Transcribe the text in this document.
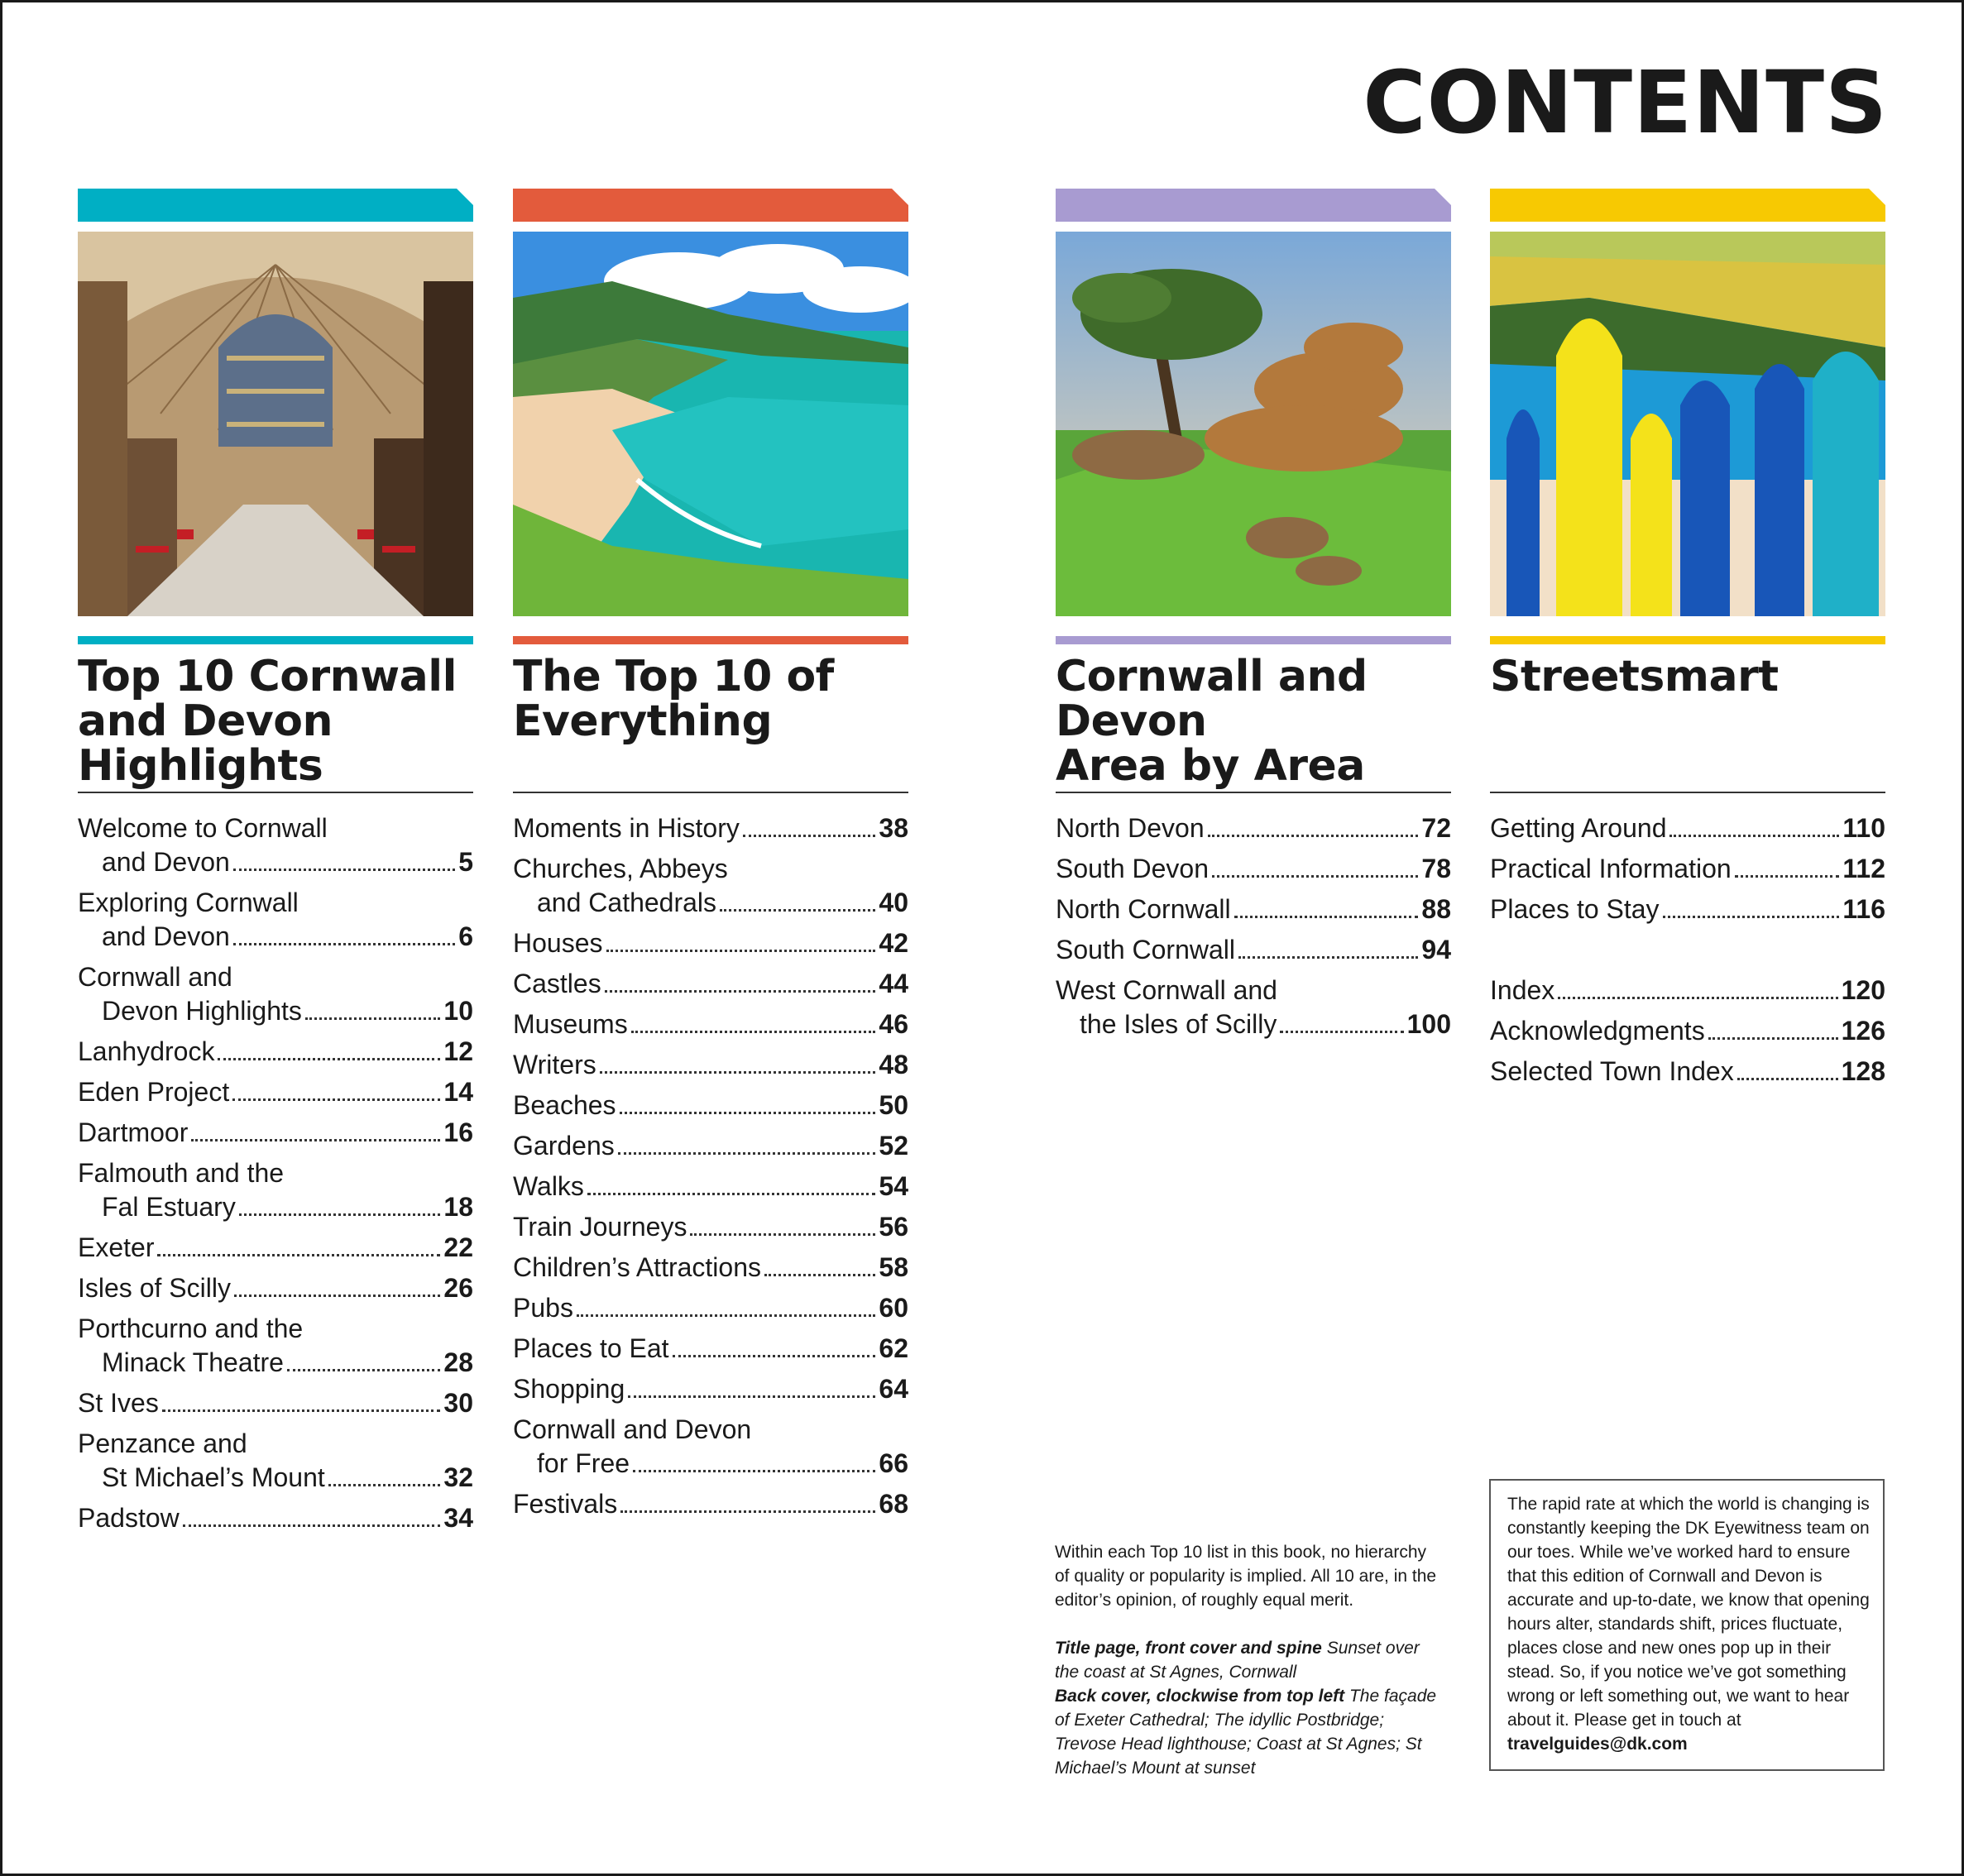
CONTENTS
Top 10 Cornwall
and Devon
Highlights
Welcome to Cornwall
and Devon	5
Exploring Cornwall
and Devon	6
Cornwall and
Devon Highlights	10
Lanhydrock	12
Eden Project	14
Dartmoor	16
Falmouth and the
Fal Estuary	18
Exeter	22
Isles of Scilly	26
Porthcurno and the
Minack Theatre	28
St Ives	30
Penzance and
St Michael’s Mount	32
Padstow	34
The Top 10 of
Everything
Moments in History	38
Churches, Abbeys
and Cathedrals	40
Houses	42
Castles	44
Museums	46
Writers	48
Beaches	50
Gardens	52
Walks	54
Train Journeys	56
Children’s Attractions	58
Pubs	60
Places to Eat	62
Shopping	64
Cornwall and Devon
for Free	66
Festivals	68
Cornwall and Devon
Area by Area
North Devon	72
South Devon	78
North Cornwall	88
South Cornwall	94
West Cornwall and
the Isles of Scilly	100
Streetsmart
Getting Around	110
Practical Information	112
Places to Stay	116
Index	120
Acknowledgments	126
Selected Town Index	128

Within each Top 10 list in this book, no hierarchy of quality or popularity is implied. All 10 are, in the editor’s opinion, of roughly equal merit.

Title page, front cover and spine Sunset over the coast at St Agnes, Cornwall
Back cover, clockwise from top left The façade of Exeter Cathedral; The idyllic Postbridge; Trevose Head lighthouse; Coast at St Agnes; St Michael’s Mount at sunset

The rapid rate at which the world is changing is constantly keeping the DK Eyewitness team on our toes. While we’ve worked hard to ensure that this edition of Cornwall and Devon is accurate and up-to-date, we know that opening hours alter, standards shift, prices fluctuate, places close and new ones pop up in their stead. So, if you notice we’ve got something wrong or left something out, we want to hear about it. Please get in touch at travelguides@dk.com
